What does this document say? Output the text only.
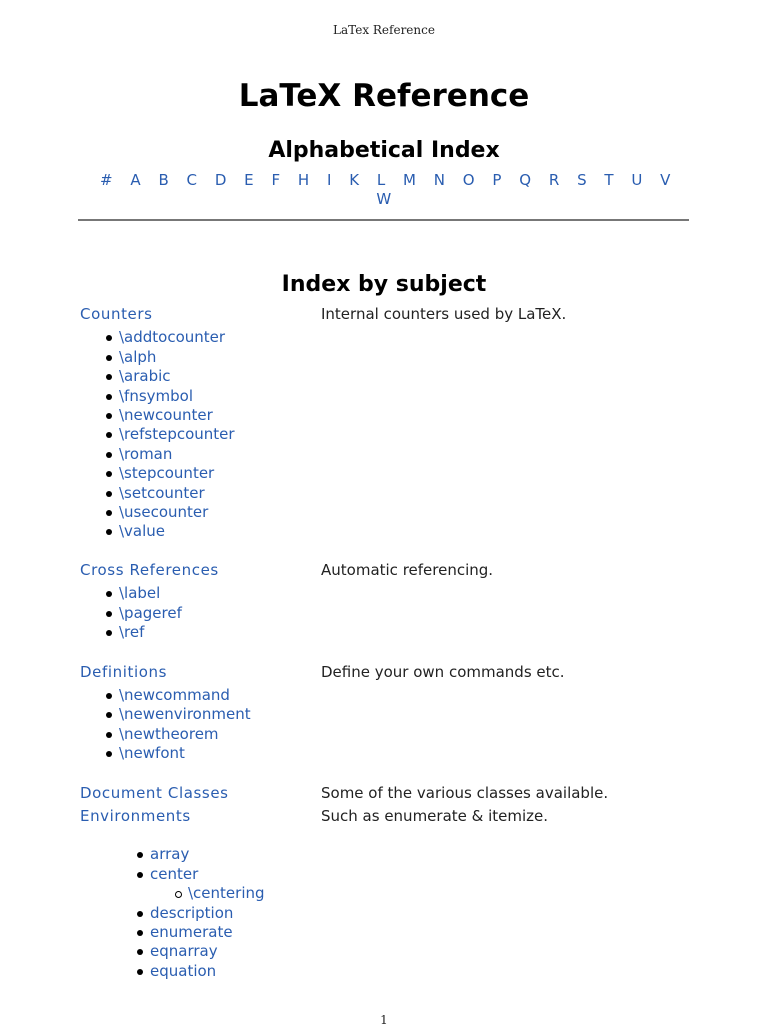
LaTex Reference
LaTeX Reference
Alphabetical Index
# A B C D E F H I K L M N O P Q R S T U V
W
Index by subject
Counters	Internal counters used by LaTeX.
\addtocounter
\alph
\arabic
\fnsymbol
\newcounter
\refstepcounter
\roman
\stepcounter
\setcounter
\usecounter
\value
Cross References	Automatic referencing.
\label
\pageref
\ref
Definitions	Define your own commands etc.
\newcommand
\newenvironment
\newtheorem
\newfont
Document Classes	Some of the various classes available.
Environments	Such as enumerate & itemize.
array
center
\centering
description
enumerate
eqnarray
equation
1
